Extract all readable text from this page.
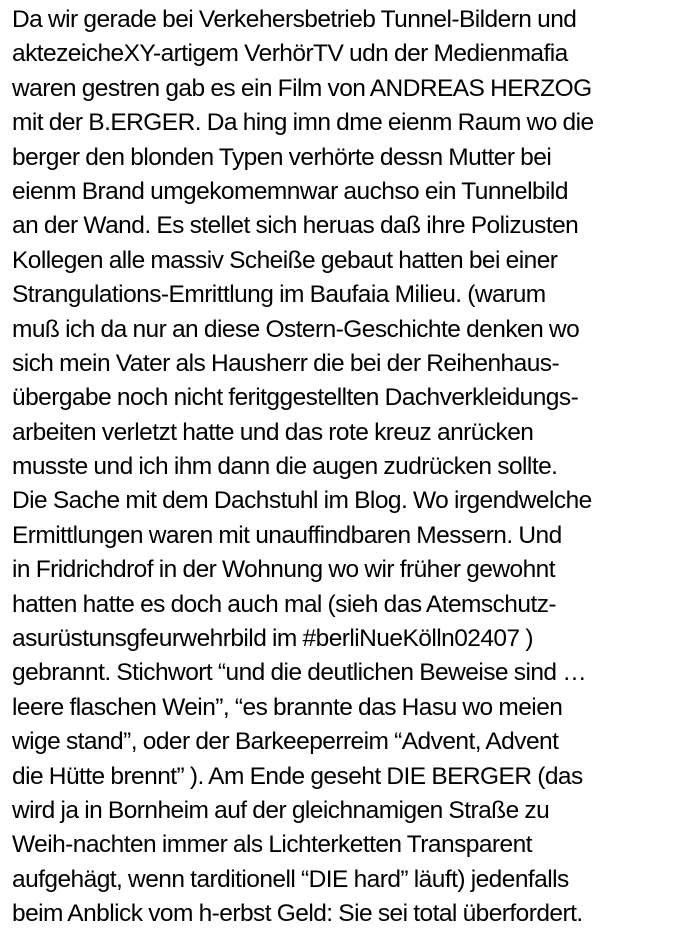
Da wir gerade bei Verkehersbetrieb Tunnel-Bildern und
aktezeicheXY-artigem VerhörTV udn der Medienmafia
waren gestren gab es ein Film von ANDREAS HERZOG
mit der B.ERGER. Da hing imn dme eienm Raum wo die
berger den blonden Typen verhörte dessn Mutter bei
eienm Brand umgekomemnwar auchso ein Tunnelbild
an der Wand. Es stellet sich heruas daß ihre Polizusten
Kollegen alle massiv Scheiße gebaut hatten bei einer
Strangulations-Emrittlung im Baufaia Milieu. (warum
muß ich da nur an diese Ostern-Geschichte denken wo
sich mein Vater als Hausherr die bei der Reihenhaus-
übergabe noch nicht feritggestellten Dachverkleidungs-
arbeiten verletzt hatte und das rote kreuz anrücken
musste und ich ihm dann die augen zudrücken sollte.
Die Sache mit dem Dachstuhl im Blog. Wo irgendwelche
Ermittlungen waren mit unauffindbaren Messern. Und
in Fridrichdrof in der Wohnung wo wir früher gewohnt
hatten hatte es doch auch mal (sieh das Atemschutz-
asurüstunsgfeurwehrbild im #berliNueKölln02407 )
gebrannt. Stichwort “und die deutlichen Beweise sind …
leere flaschen Wein”, “es brannte das Hasu wo meien
wige stand”, oder der Barkeeperreim “Advent, Advent
die Hütte brennt” ). Am Ende geseht DIE BERGER (das
wird ja in Bornheim auf der gleichnamigen Straße zu
Weih-nachten immer als Lichterketten Transparent
aufgehägt, wenn tarditionell “DIE hard” läuft) jedenfalls
beim Anblick vom h-erbst Geld: Sie sei total überfordert.
